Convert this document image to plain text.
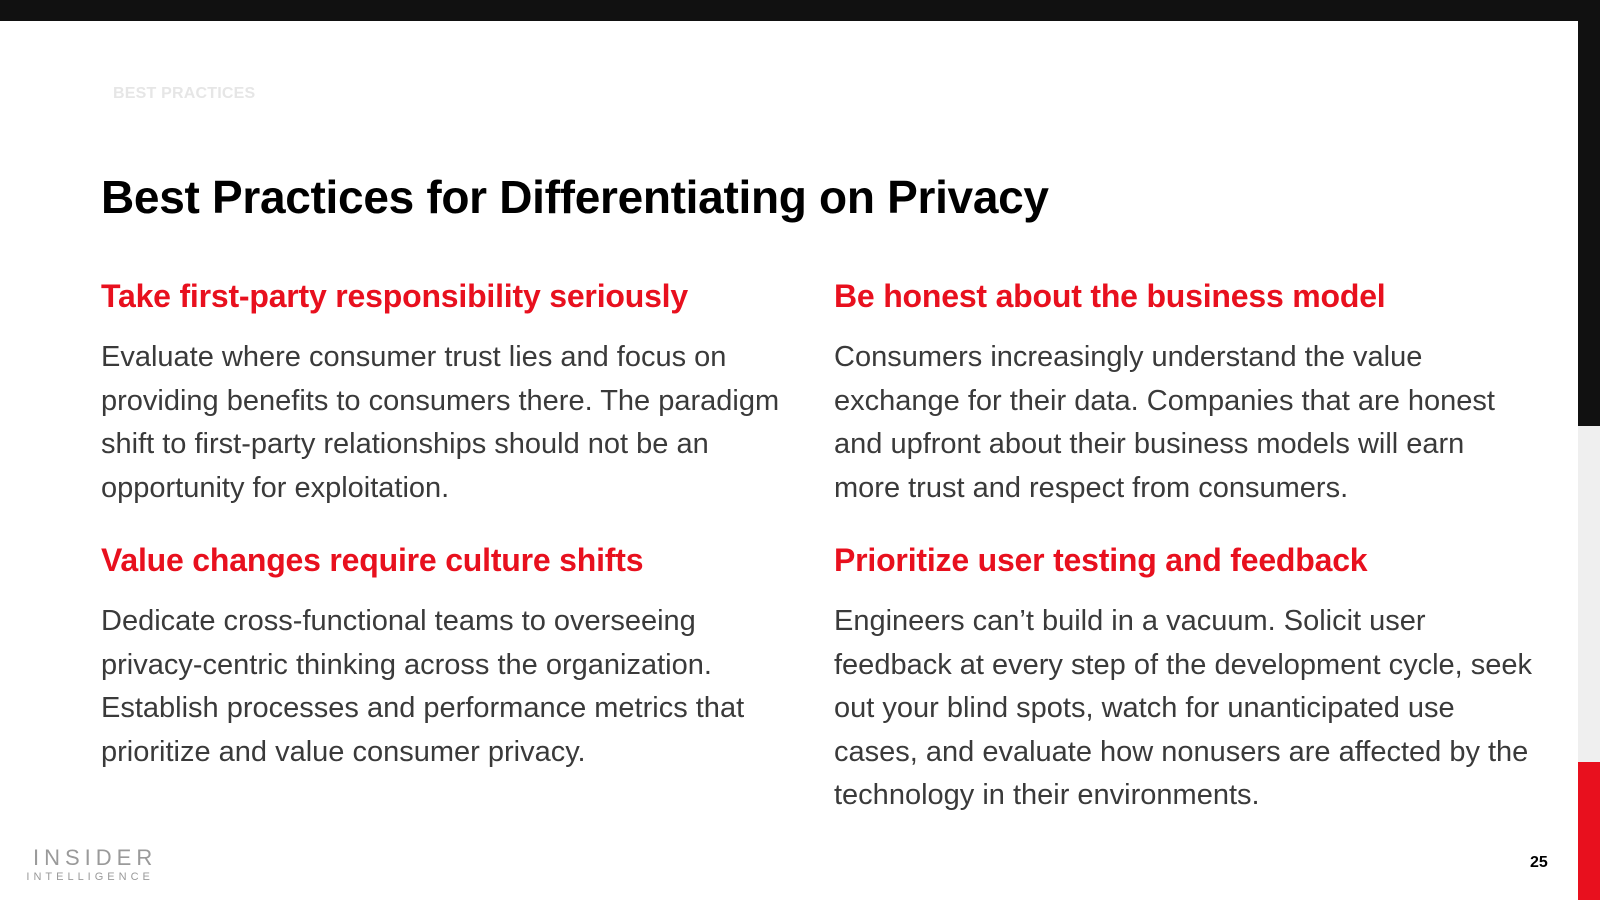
BEST PRACTICES
Best Practices for Differentiating on Privacy
Take first-party responsibility seriously

Evaluate where consumer trust lies and focus on providing benefits to consumers there. The paradigm shift to first-party relationships should not be an opportunity for exploitation.

Be honest about the business model

Consumers increasingly understand the value exchange for their data. Companies that are honest and upfront about their business models will earn more trust and respect from consumers.

Value changes require culture shifts

Dedicate cross-functional teams to overseeing privacy-centric thinking across the organization. Establish processes and performance metrics that prioritize and value consumer privacy.

Prioritize user testing and feedback

Engineers can’t build in a vacuum. Solicit user feedback at every step of the development cycle, seek out your blind spots, watch for unanticipated use cases, and evaluate how nonusers are affected by the technology in their environments.

INSIDER
INTELLIGENCE
25
